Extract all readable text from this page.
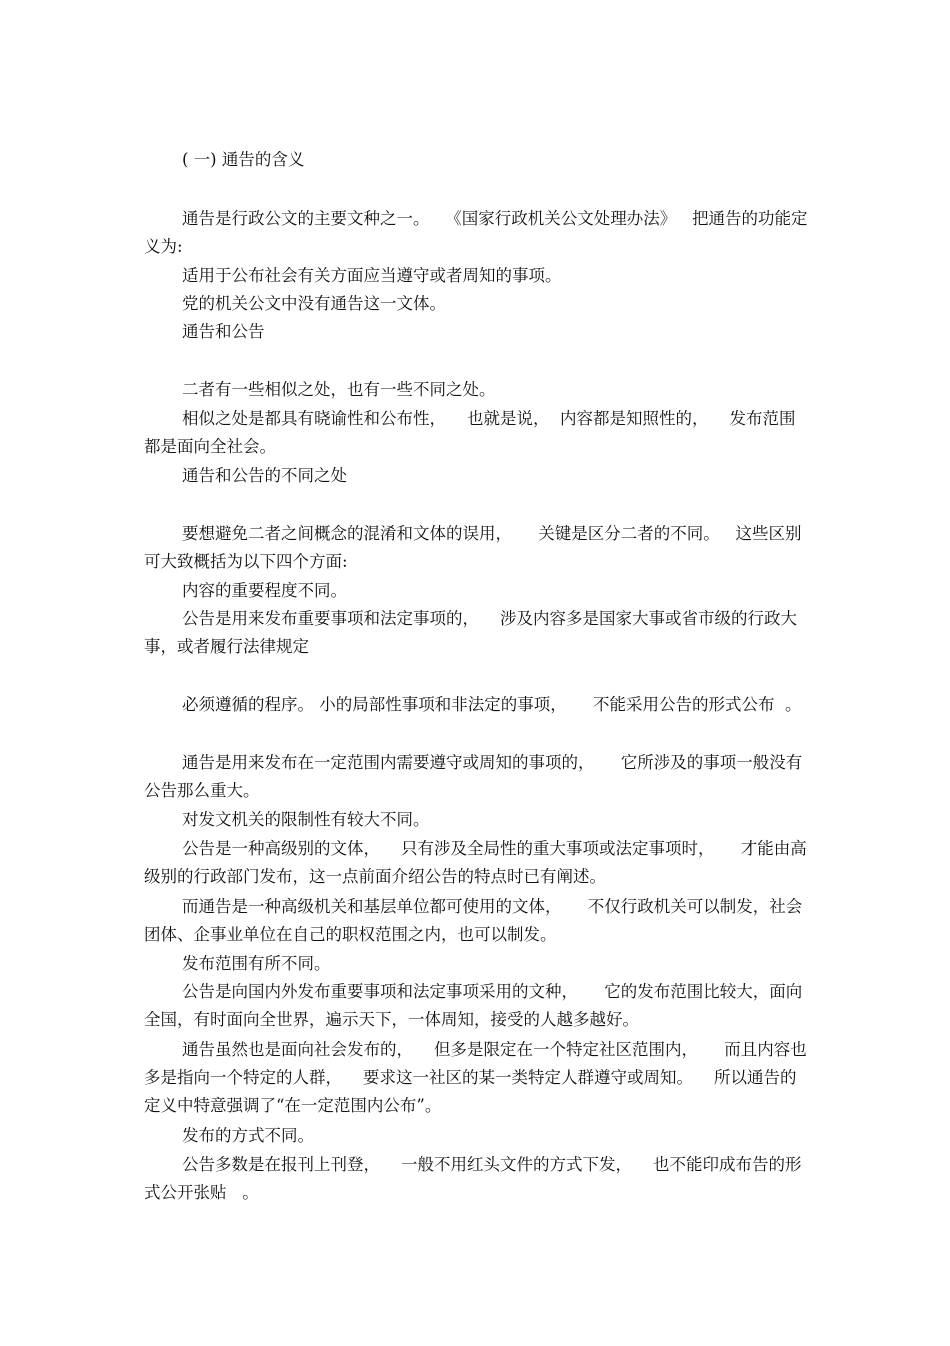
( 一) 通告的含义

通告是行政公文的主要文种之一。   《国家行政机关公文处理办法》   把通告的功能定义为:

适用于公布社会有关方面应当遵守或者周知的事项。

党的机关公文中没有通告这一文体。

通告和公告

二者有一些相似之处，也有一些不同之处。

相似之处是都具有晓谕性和公布性，    也就是说，  内容都是知照性的，    发布范围都是面向全社会。

通告和公告的不同之处

要想避免二者之间概念的混淆和文体的误用，     关键是区分二者的不同。   这些区别可大致概括为以下四个方面:

内容的重要程度不同。

公告是用来发布重要事项和法定事项的，    涉及内容多是国家大事或省市级的行政大事，或者履行法律规定

必须遵循的程序。 小的局部性事项和非法定的事项，     不能采用公告的形式公布  。

通告是用来发布在一定范围内需要遵守或周知的事项的，     它所涉及的事项一般没有公告那么重大。

对发文机关的限制性有较大不同。

公告是一种高级别的文体，    只有涉及全局性的重大事项或法定事项时，     才能由高级别的行政部门发布，这一点前面介绍公告的特点时已有阐述。

而通告是一种高级机关和基层单位都可使用的文体，     不仅行政机关可以制发，社会团体、企事业单位在自己的职权范围之内，也可以制发。

发布范围有所不同。

公告是向国内外发布重要事项和法定事项采用的文种，     它的发布范围比较大，面向全国，有时面向全世界，遍示天下，一体周知，接受的人越多越好。

通告虽然也是面向社会发布的，    但多是限定在一个特定社区范围内，     而且内容也多是指向一个特定的人群，    要求这一社区的某一类特定人群遵守或周知。    所以通告的定义中特意强调了“在一定范围内公布”。

发布的方式不同。

公告多数是在报刊上刊登，    一般不用红头文件的方式下发，    也不能印成布告的形式公开张贴   。
